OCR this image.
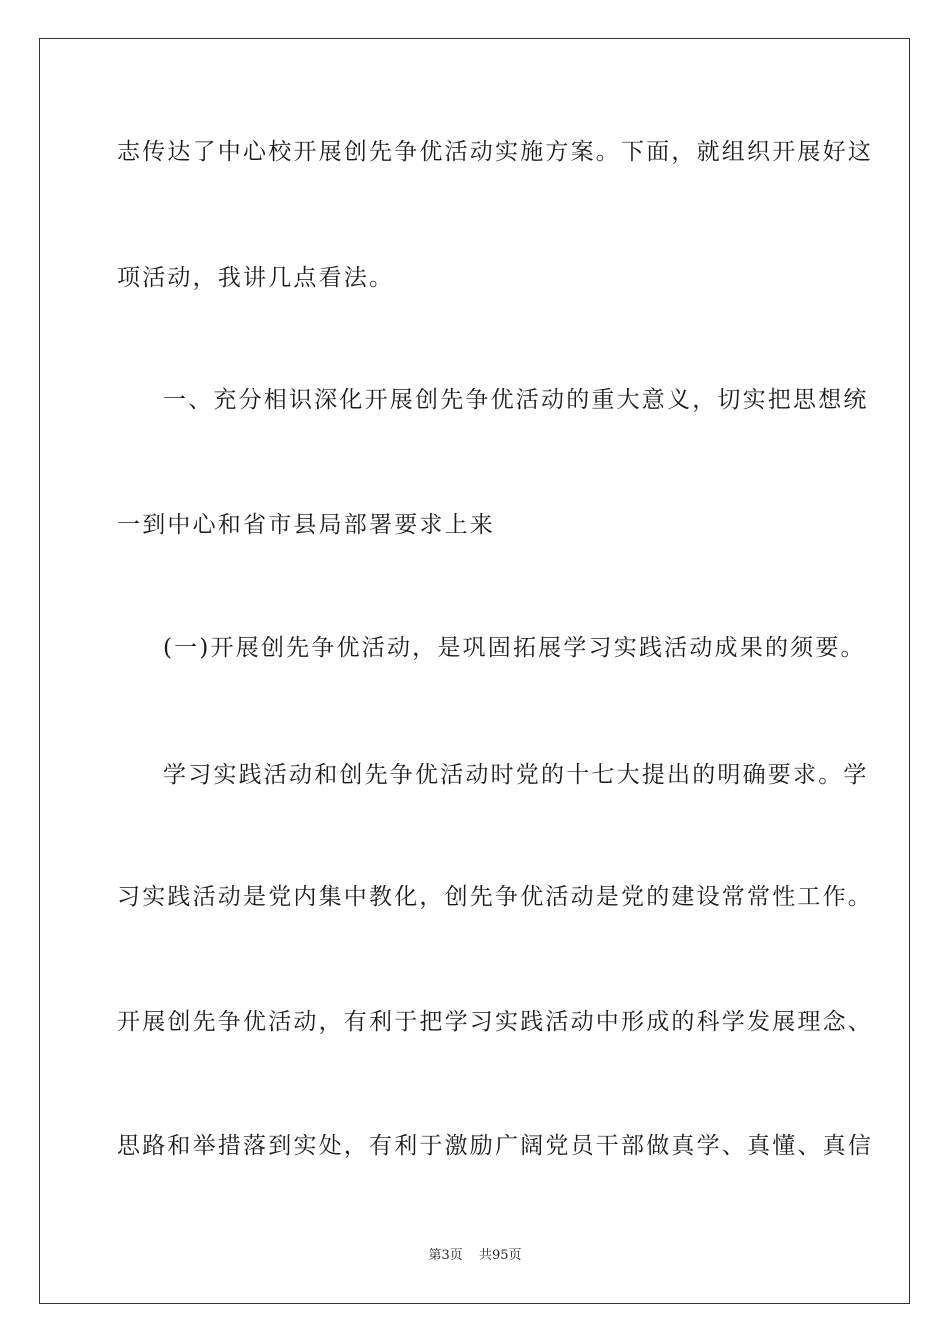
志传达了中心校开展创先争优活动实施方案。下面，就组织开展好这
项活动，我讲几点看法。
一、充分相识深化开展创先争优活动的重大意义，切实把思想统
一到中心和省市县局部署要求上来
(一)开展创先争优活动，是巩固拓展学习实践活动成果的须要。
学习实践活动和创先争优活动时党的十七大提出的明确要求。学
习实践活动是党内集中教化，创先争优活动是党的建设常常性工作。
开展创先争优活动，有利于把学习实践活动中形成的科学发展理念、
思路和举措落到实处，有利于激励广阔党员干部做真学、真懂、真信
第3页 共95页
